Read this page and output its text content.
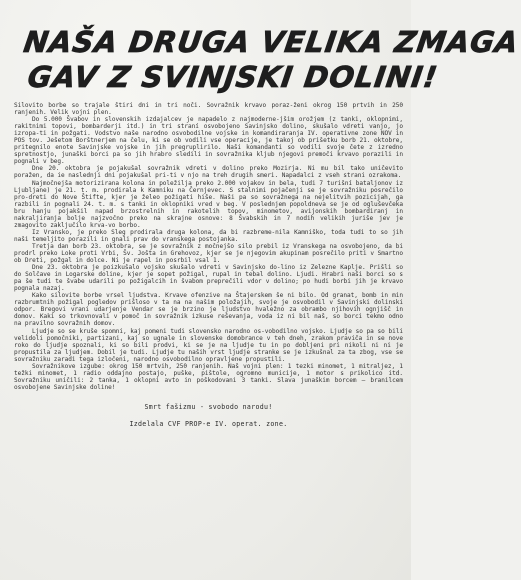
NAŠA DRUGA VELIKA ZMAGA
GAV Z SVINJSKI DOLINI!

Silovito borbe so trajale štiri dni in tri noči. Sovražnik krvavo poraz-ženi okrog 150 prtvih in 250 ranjenih. Velik vojni plen.

Do 5.000 Švabov in slovenskih izdajalcev je napadelo z najmoderne-jšim orožjem (z tanki, oklopnimi, rakitnimi topovi, bombarderji itd.) in tri straní osvobojeno Savinjsko dolino, skušalo vdreti vanjo, jo izropa-ti in požgati. Vodstvo naše narodno osvobodilne vojske in komandiraranja IV. operativne zone NOV in POS tov. Ješetom Borštnerjem na čelu, ki se ob vodili vse operacije, je takoj ob prišetku borb 21. oktobre, pritegnilo enote Savinjske vojske in jih pregruplirilo. Naši komandanti so vodili svoje čete z izredno spretnostjo, junaški borci pa so jih hrabro sledili in sovražnika kljub njegovi premoči krvavo porazili in pognali v beg.

Dne 20. oktobra je pojakušal sovražnik vdreti v dolino preko Mozirja. Ni mu bil tako uničevito poražen, da ie naslednji dni pojakušal pri-ti v njo na treh drugih smeri. Napadalci z vseh strani ozrakoma.

Najmočnejša motorizirana kolona in poležilja preko 2.000 vojakov in bela, tudi 7 turišní bataljonov iz Ljubljane) je 21. t. m. prodirala k Kamniku na Černjevec. S stalnimi pojačenji se je sovražniku posrečilo pro-dreti do Nove Štifte, kjer je želeo požigati hiše. Naši pa so sovražnega na nejelitvih pozicijah, ga razbili in pognali 24. t. m. s tanki in oklopniki vred v beg. V poslednjem popoldneva se je od ogluševčeka bru hanju pojakšil napad brzostrelnih in rakotelih topov, minometov, avijonskih bombardiranj in nakraljiranja bolje najzvočno preko na skrajne osnove: 8 Švabskih in 7 nodih velikih juriše jev je zmagovito zaključilo krva-vo borbo.

Iz Vransko, je preko Sleg prodirala druga kolona, da bi razbreme-nila Kamniško, toda tudi to so jih naši temeljito porazili in gnali prav do vranskega postojanka.

Tretja dan borb 23. oktobra, se je sovražnik z močnejšo silo prebil iz Vranskega na osvobojeno, da bi prodrl preko Loke proti Vrbi, Šv. Jošta in Grehovoz, kjer se je njegovim akupinam posrečilo priti v Smartno ob Dreti, požgal in dolce. Ni je rapel in posrbil vsal 1.

Dne 23. oktobra je poizkušalo vojsko skušalo vdreti v Savinjsko do-lino iz Zelezne Kaplje. Prišli so do Solčave in Logarske doline, kjer je sopet požigal, rupal in tebal dolino. Ljudi. Hrabri naši borci so s pa še tudi te švabe udarili po požigalcih in švabom preprečili vdor v dolino; po hudi borbi jih je krvavo pognala nazaj.

Kako silovite borbe vrsel ljudstva. Krvave ofenzive na Štajerskem še ni bilo. Od granat, bomb in min razbrumtnih požigal pogledov prišloso v ta na na našim položajih, svoje je osvobodil v Savinjski dolinski odpor. Bregovi vrani udarjenje Vendar se je brzino je ljudstvo hvaležno za obrambo njihovih ognjišč in domov. Kaki so trkovnovali v pomoč in sovražnik izkuse reševanja, voda iz ni bil naš, so borci tekmo odno na pravilno sovražnih domov.

Ljudje so se kruše spomni, kaj pomeni tudi slovensko narodno os-vobodilno vojsko. Ljudje so pa so bili velidoli pomočniki, partizani, kaj so ugnale in slovenske domobrance v teh dneh, zrakom praviča in se nove roko do ljudje spoznali, ki so bili prodvi, ki se je na ljudje tu in po dobljeni pri nikoli ni ni je propustila za ljudjem. Dobil je tudi. Ljudje tu naših vrst ljudje stranke se je izkušnal za ta zbog, vse se sovražniku zaradi tega izločeni, narodno osvobodilno opravljene propustili.

Sovražnikove izgube: okrog 150 mrtvih, 250 ranjenih. Naš vojni plen: 1 tezki minomet, 1 mitraljez, 1 težki minomet, 1 radio oddajno postajo, puške, pištole, ogromno municije, 1 motor s prikolico itd. Sovražniku uničili: 2 tanka, 1 oklopni avto in poškodovani 3 tanki. Slava junaškim borcem — branilcem osvobojene Savinjske doline!

Smrt fašizmu - svobodo narodu!
Izdelala CVF PROP-e IV. operat. zone.
